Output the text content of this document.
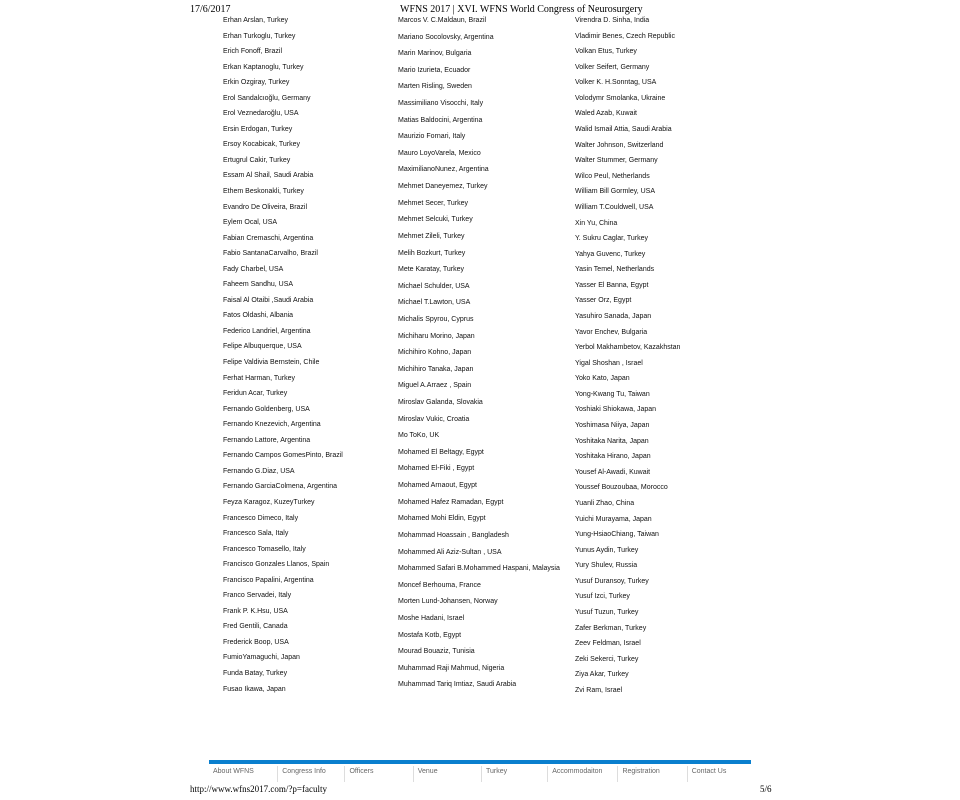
17/6/2017	WFNS 2017 | XVI. WFNS World Congress of Neurosurgery
Erhan Arslan, Turkey
Erhan Turkoglu, Turkey
Erich Fonoff, Brazil
Erkan Kaptanoglu, Turkey
Erkin Ozgiray, Turkey
Erol Sandalcıoğlu, Germany
Erol Veznedaroğlu, USA
Ersin Erdogan, Turkey
Ersoy Kocabicak, Turkey
Ertugrul Cakir, Turkey
Essam Al Shail, Saudi Arabia
Ethem Beskonakli, Turkey
Evandro De Oliveira, Brazil
Eylem Ocal, USA
Fabian Cremaschi, Argentina
Fabio SantanaCarvalho, Brazil
Fady Charbel, USA
Faheem Sandhu, USA
Faisal Al Otaibi ,Saudi Arabia
Fatos Oldashi, Albania
Federico Landriel, Argentina
Felipe Albuquerque, USA
Felipe Valdivia Bernstein, Chile
Ferhat Harman, Turkey
Feridun Acar, Turkey
Fernando Goldenberg, USA
Fernando Knezevich, Argentina
Fernando Lattore, Argentina
Fernando Campos GomesPinto, Brazil
Fernando G.Diaz, USA
Fernando GarciaColmena, Argentina
Feyza Karagoz, KuzeyTurkey
Francesco Dimeco, Italy
Francesco Sala, Italy
Francesco Tomasello, Italy
Francisco Gonzales Llanos, Spain
Francisco Papalini, Argentina
Franco Servadei, Italy
Frank P. K.Hsu, USA
Fred Gentili, Canada
Frederick Boop, USA
FumioYamaguchi, Japan
Funda Batay, Turkey
Fusao Ikawa, Japan
Marcos V. C.Maldaun, Brazil
Mariano Socolovsky, Argentina
Marin Marinov, Bulgaria
Mario Izurieta, Ecuador
Marten Risling, Sweden
Massimiliano Visocchi, Italy
Matias Baldocini, Argentina
Maurizio Fornari, Italy
Mauro LoyoVarela, Mexico
MaximilianoNunez, Argentina
Mehmet Daneyemez, Turkey
Mehmet Secer, Turkey
Mehmet Selcuki, Turkey
Mehmet Zileli, Turkey
Melih Bozkurt, Turkey
Mete Karatay, Turkey
Michael Schulder, USA
Michael T.Lawton, USA
Michalis Spyrou, Cyprus
Michiharu Morino, Japan
Michihiro Kohno, Japan
Michihiro Tanaka, Japan
Miguel A.Arraez , Spain
Miroslav Galanda, Slovakia
Miroslav Vukic, Croatia
Mo ToKo, UK
Mohamed El Beltagy, Egypt
Mohamed El-Fiki , Egypt
Mohamed Arnaout, Egypt
Mohamed Hafez Ramadan, Egypt
Mohamed Mohi Eldin, Egypt
Mohammad Hoassain , Bangladesh
Mohammed Ali Aziz-Sultan , USA
Mohammed Safari B.Mohammed Haspani, Malaysia
Moncef Berhouma, France
Morten Lund-Johansen, Norway
Moshe Hadani, Israel
Mostafa Kotb, Egypt
Mourad Bouaziz, Tunisia
Muhammad Raji Mahmud, Nigeria
Muhammad Tariq Imtiaz, Saudi Arabia
Virendra D. Sinha, India
Vladimir Benes, Czech Republic
Volkan Etus, Turkey
Volker Seifert, Germany
Volker K. H.Sonntag, USA
Volodymr Smolanka, Ukraine
Waled Azab, Kuwait
Walid Ismail Attia, Saudi Arabia
Walter Johnson, Switzerland
Walter Stummer, Germany
Wilco Peul, Netherlands
William Bill Gormley, USA
William T.Couldwell, USA
Xin Yu, China
Y. Sukru Caglar, Turkey
Yahya Guvenc, Turkey
Yasin Temel, Netherlands
Yasser El Banna, Egypt
Yasser Orz, Egypt
Yasuhiro Sanada, Japan
Yavor Enchev, Bulgaria
Yerbol Makhambetov, Kazakhstan
Yigal Shoshan , Israel
Yoko Kato, Japan
Yong-Kwang Tu, Taiwan
Yoshiaki Shiokawa, Japan
Yoshimasa Niiya, Japan
Yoshitaka Narita, Japan
Yoshitaka Hirano, Japan
Yousef Al-Awadi, Kuwait
Youssef Bouzoubaa, Morocco
Yuanli Zhao, China
Yuichi Murayama, Japan
Yung-HsiaoChiang, Taiwan
Yunus Aydin, Turkey
Yury Shulev, Russia
Yusuf Duransoy, Turkey
Yusuf Izci, Turkey
Yusuf Tuzun, Turkey
Zafer Berkman, Turkey
Zeev Feldman, Israel
Zeki Sekerci, Turkey
Ziya Akar, Turkey
Zvi Ram, Israel
About WFNS	Congress Info	Officers	Venue	Turkey	Accommodaiton	Registration	Contact Us
http://www.wfns2017.com/?p=faculty	5/6
